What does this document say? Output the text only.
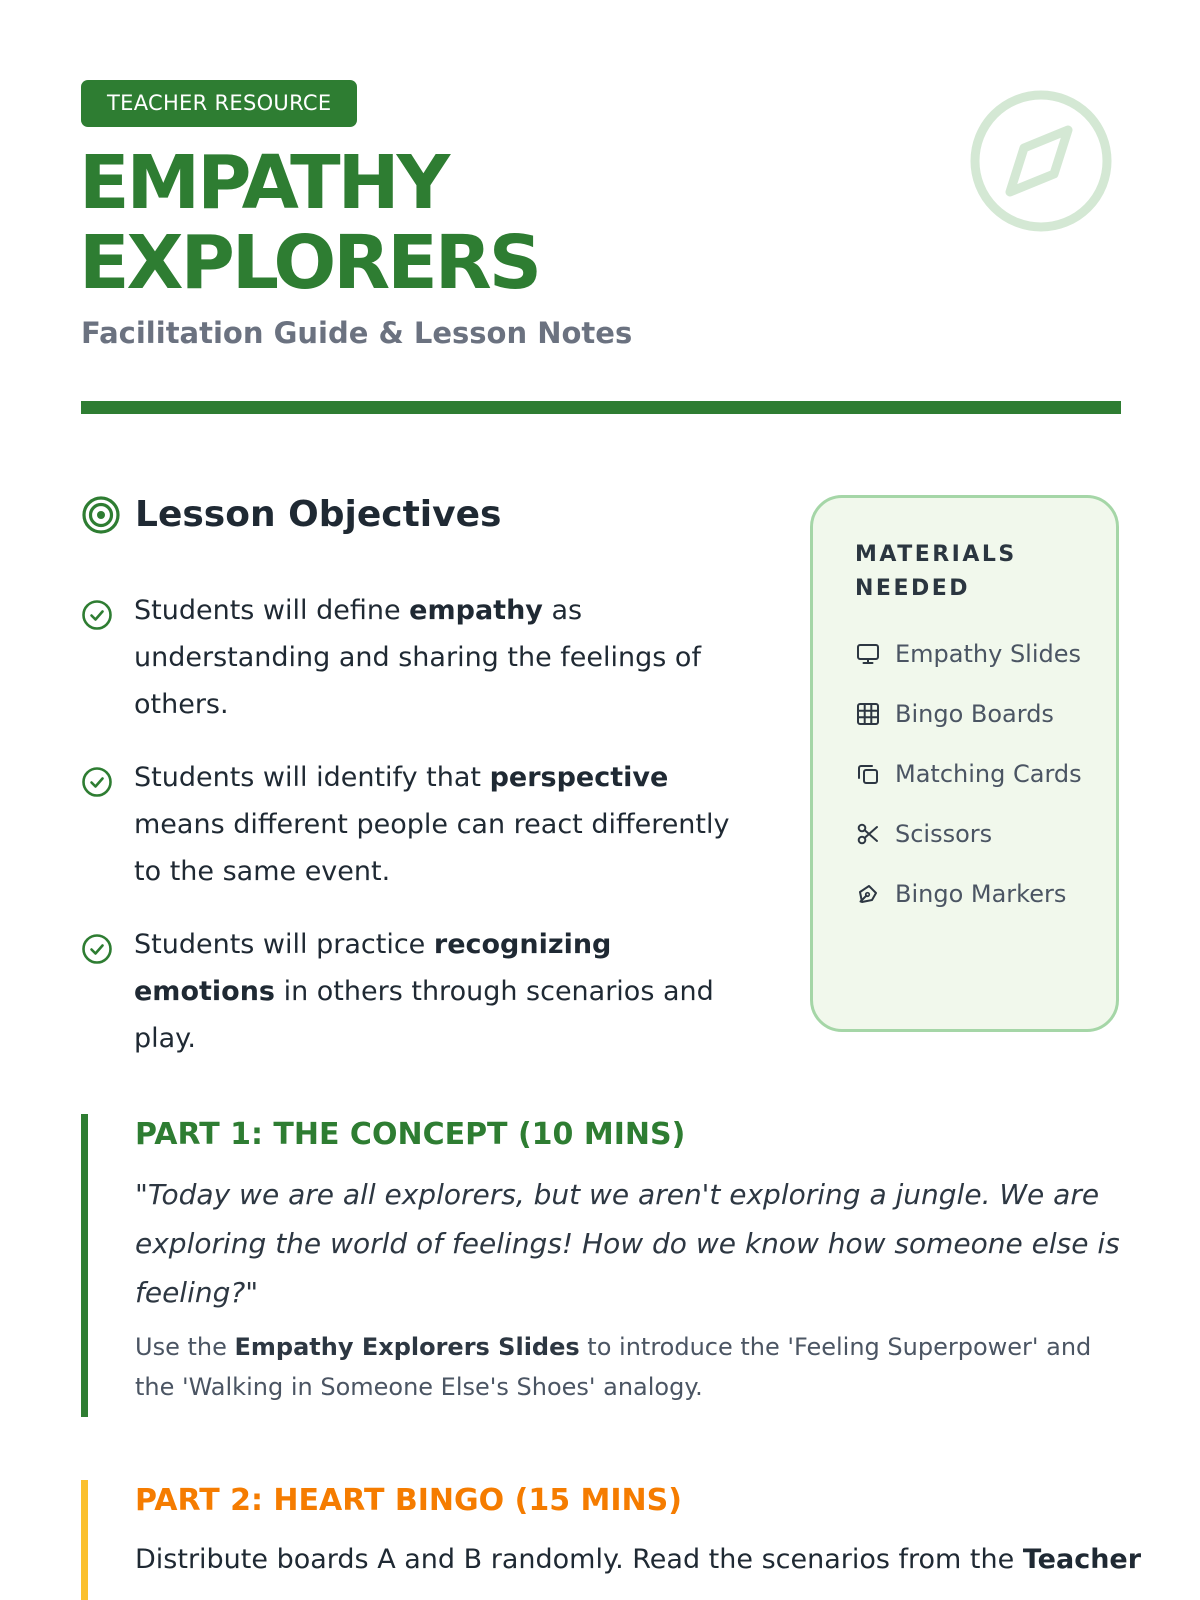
TEACHER RESOURCE
EMPATHY
EXPLORERS
Facilitation Guide & Lesson Notes
Lesson Objectives
Students will define empathy as understanding and sharing the feelings of others.
Students will identify that perspective means different people can react differently to the same event.
Students will practice recognizing emotions in others through scenarios and play.
MATERIALS
NEEDED
Empathy Slides
Bingo Boards
Matching Cards
Scissors
Bingo Markers
PART 1: THE CONCEPT (10 MINS)
"Today we are all explorers, but we aren't exploring a jungle. We are exploring the world of feelings! How do we know how someone else is feeling?"
Use the Empathy Explorers Slides to introduce the 'Feeling Superpower' and the 'Walking in Someone Else's Shoes' analogy.
PART 2: HEART BINGO (15 MINS)
Distribute boards A and B randomly. Read the scenarios from the Teacher
